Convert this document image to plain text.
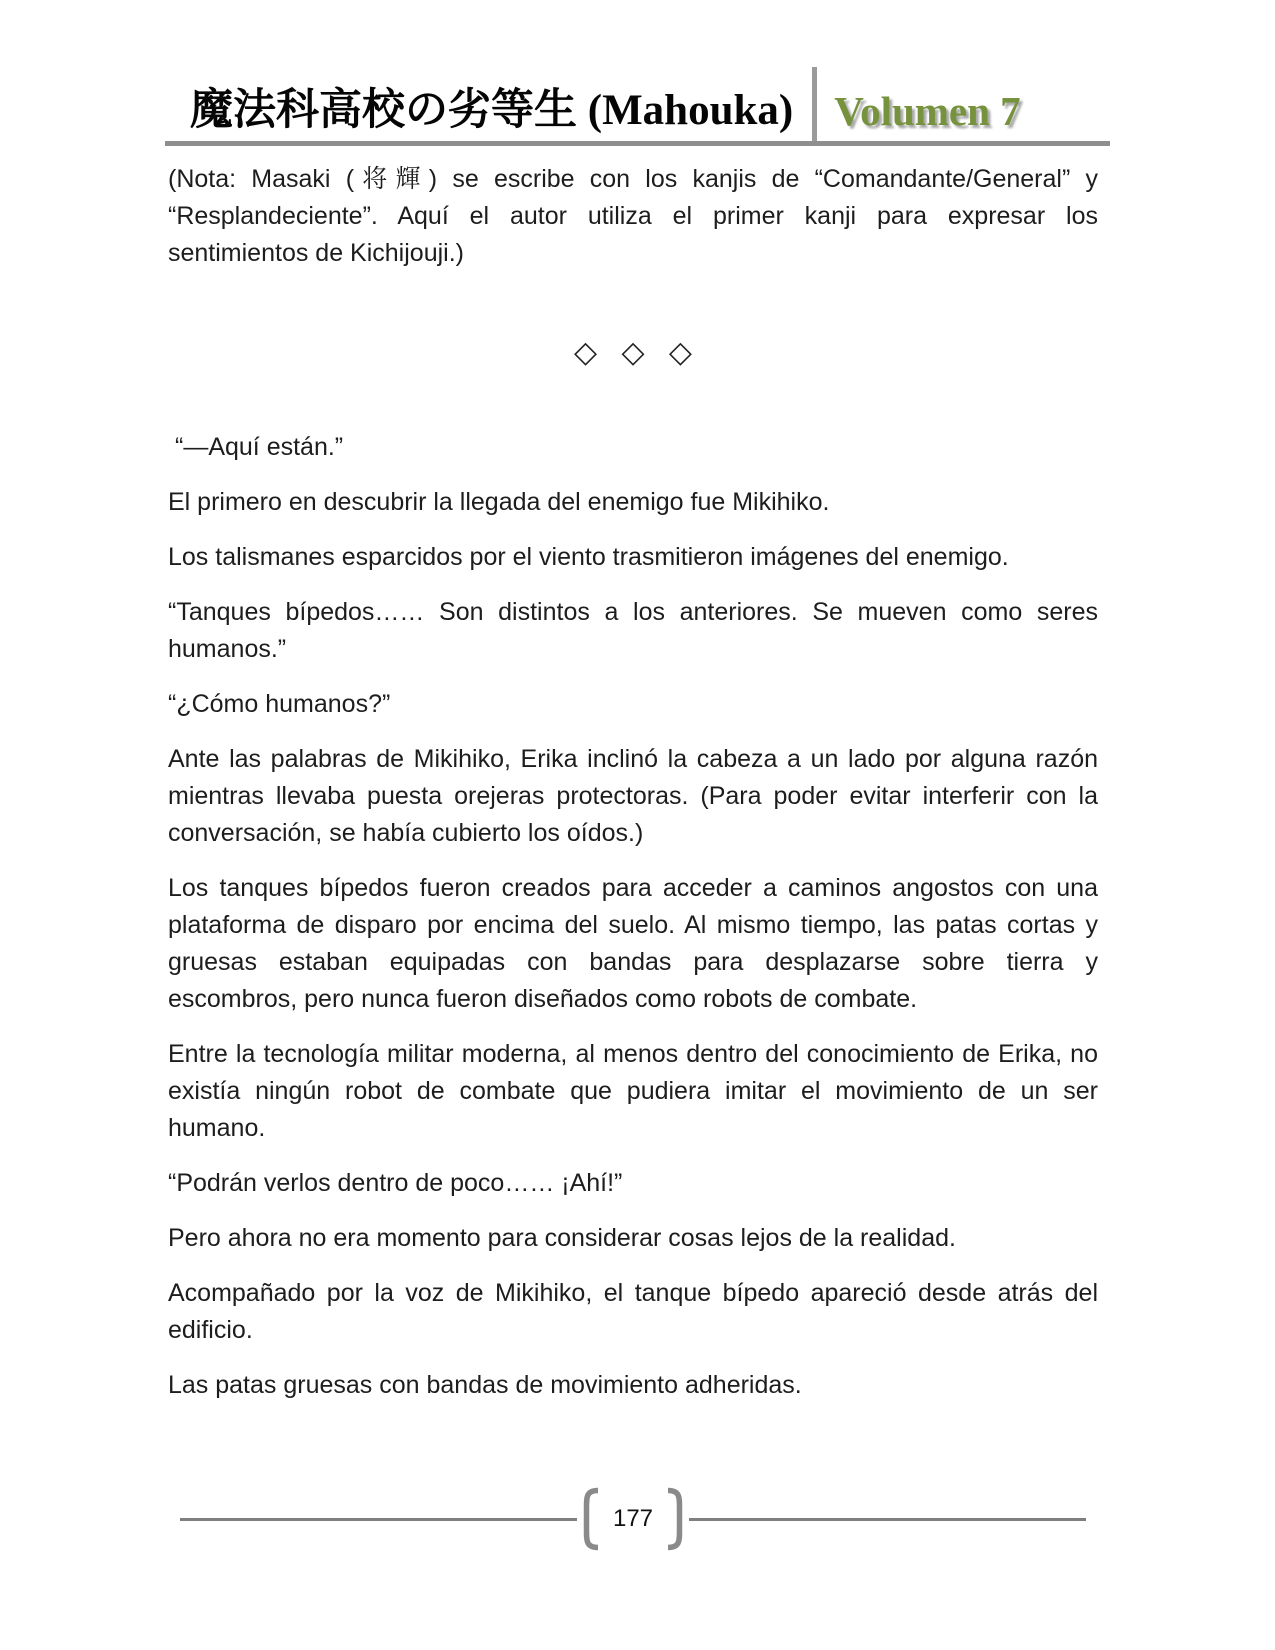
魔法科高校の劣等生 (Mahouka) Volumen 7

(Nota: Masaki (将輝) se escribe con los kanjis de “Comandante/General” y “Resplandeciente”. Aquí el autor utiliza el primer kanji para expresar los sentimientos de Kichijouji.)

◇ ◇ ◇

“—Aquí están.”

El primero en descubrir la llegada del enemigo fue Mikihiko.

Los talismanes esparcidos por el viento trasmitieron imágenes del enemigo.

“Tanques bípedos…… Son distintos a los anteriores. Se mueven como seres humanos.”

“¿Cómo humanos?”

Ante las palabras de Mikihiko, Erika inclinó la cabeza a un lado por alguna razón mientras llevaba puesta orejeras protectoras. (Para poder evitar interferir con la conversación, se había cubierto los oídos.)

Los tanques bípedos fueron creados para acceder a caminos angostos con una plataforma de disparo por encima del suelo. Al mismo tiempo, las patas cortas y gruesas estaban equipadas con bandas para desplazarse sobre tierra y escombros, pero nunca fueron diseñados como robots de combate.

Entre la tecnología militar moderna, al menos dentro del conocimiento de Erika, no existía ningún robot de combate que pudiera imitar el movimiento de un ser humano.

“Podrán verlos dentro de poco…… ¡Ahí!”

Pero ahora no era momento para considerar cosas lejos de la realidad.

Acompañado por la voz de Mikihiko, el tanque bípedo apareció desde atrás del edificio.

Las patas gruesas con bandas de movimiento adheridas.

177
